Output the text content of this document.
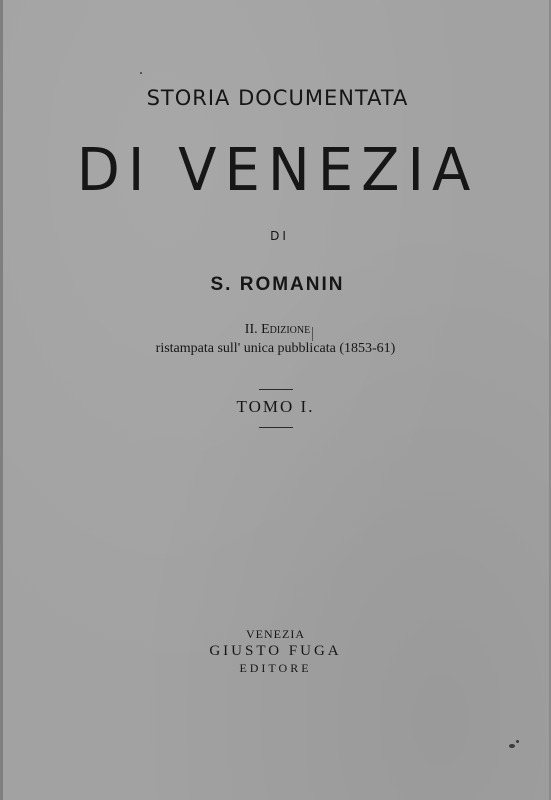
STORIA DOCUMENTATA
DI VENEZIA
DI
S. ROMANIN
II. Edizione
ristampata sull' unica pubblicata (1853-61)
TOMO I.
VENEZIA
GIUSTO FUGA
EDITORE
